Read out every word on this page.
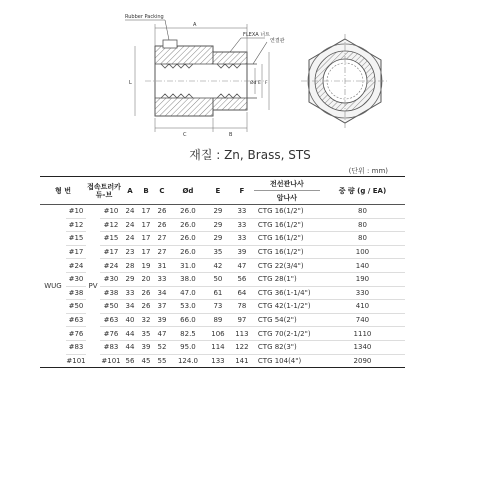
Rubber Packing
FLEXA 너트
연결관
A
C	B
L	Ød E F
재질 : Zn, Brass, STS
(단위 : mm)
형 번		접속트러카 듀-브		A	B	C	Ød	E	F	전선관나사	중 량 (g / EA)

										암나사	
WUG	#10	PV	#10	24	17	26	26.0	29	33	CTG 16(1/2")	80
	#12		#12	24	17	26	26.0	29	33	CTG 16(1/2")	80
	#15		#15	24	17	27	26.0	29	33	CTG 16(1/2")	80
	#17		#17	23	17	27	26.0	35	39	CTG 16(1/2")	100
	#24		#24	28	19	31	31.0	42	47	CTG 22(3/4")	140
	#30		#30	29	20	33	38.0	50	56	CTG 28(1")	190
	#38		#38	33	26	34	47.0	61	64	CTG 36(1-1/4")	330
	#50		#50	34	26	37	53.0	73	78	CTG 42(1-1/2")	410
	#63		#63	40	32	39	66.0	89	97	CTG 54(2")	740
	#76		#76	44	35	47	82.5	106	113	CTG 70(2-1/2")	1110
	#83		#83	44	39	52	95.0	114	122	CTG 82(3")	1340
	#101		#101	56	45	55	124.0	133	141	CTG 104(4")	2090
